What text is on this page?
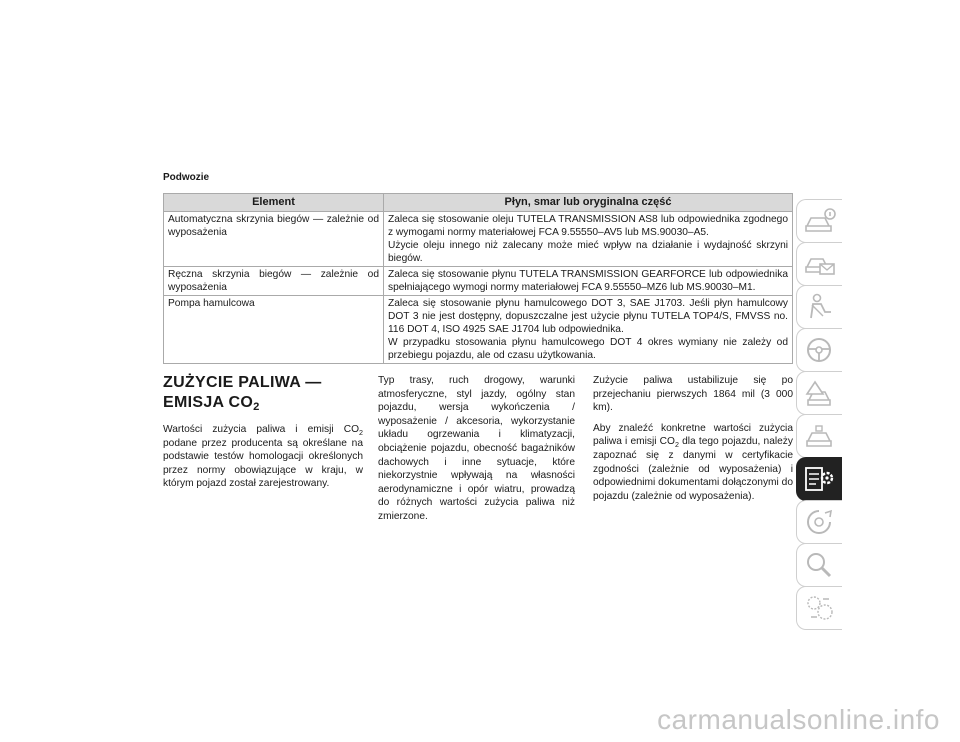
Podwozie
Element	Płyn, smar lub oryginalna część
Automatyczna skrzynia biegów — zależnie od wyposażenia	Zaleca się stosowanie oleju TUTELA TRANSMISSION AS8 lub odpowiednika zgodnego z wymogami normy materiałowej FCA 9.55550–AV5 lub MS.90030–A5.

Użycie oleju innego niż zalecany może mieć wpływ na działanie i wydajność skrzyni biegów.

Ręczna skrzynia biegów — zależnie od wyposażenia	Zaleca się stosowanie płynu TUTELA TRANSMISSION GEARFORCE lub odpowiednika spełniającego wymogi normy materiałowej FCA 9.55550–MZ6 lub MS.90030–M1.

Pompa hamulcowa	Zaleca się stosowanie płynu hamulcowego DOT 3, SAE J1703. Jeśli płyn hamulcowy DOT 3 nie jest dostępny, dopuszczalne jest użycie płynu TUTELA TOP4/S, FMVSS no. 116 DOT 4, ISO 4925 SAE J1704 lub odpowiednika.

W przypadku stosowania płynu hamulcowego DOT 4 okres wymiany nie zależy od przebiegu pojazdu, ale od czasu użytkowania.

ZUŻYCIE PALIWA — EMISJA $CO_2$

Wartości zużycia paliwa i emisji $CO_2$ podane przez producenta są określane na podstawie testów homologacji określonych przez normy obowiązujące w kraju, w którym pojazd został zarejestrowany.

Typ trasy, ruch drogowy, warunki atmosferyczne, styl jazdy, ogólny stan pojazdu, wersja wykończenia / wyposażenie / akcesoria, wykorzystanie układu ogrzewania i klimatyzacji, obciążenie pojazdu, obecność bagażników dachowych i inne sytuacje, które niekorzystnie wpływają na własności aerodynamiczne i opór wiatru, prowadzą do różnych wartości zużycia paliwa niż zmierzone.

Zużycie paliwa ustabilizuje się po przejechaniu pierwszych 1864 mil (3 000 km).

Aby znaleźć konkretne wartości zużycia paliwa i emisji $CO_2$ dla tego pojazdu, należy zapoznać się z danymi w certyfikacie zgodności (zależnie od wyposażenia) i odpowiednimi dokumentami dołączonymi do pojazdu (zależnie od wyposażenia).

carmanualsonline.info
